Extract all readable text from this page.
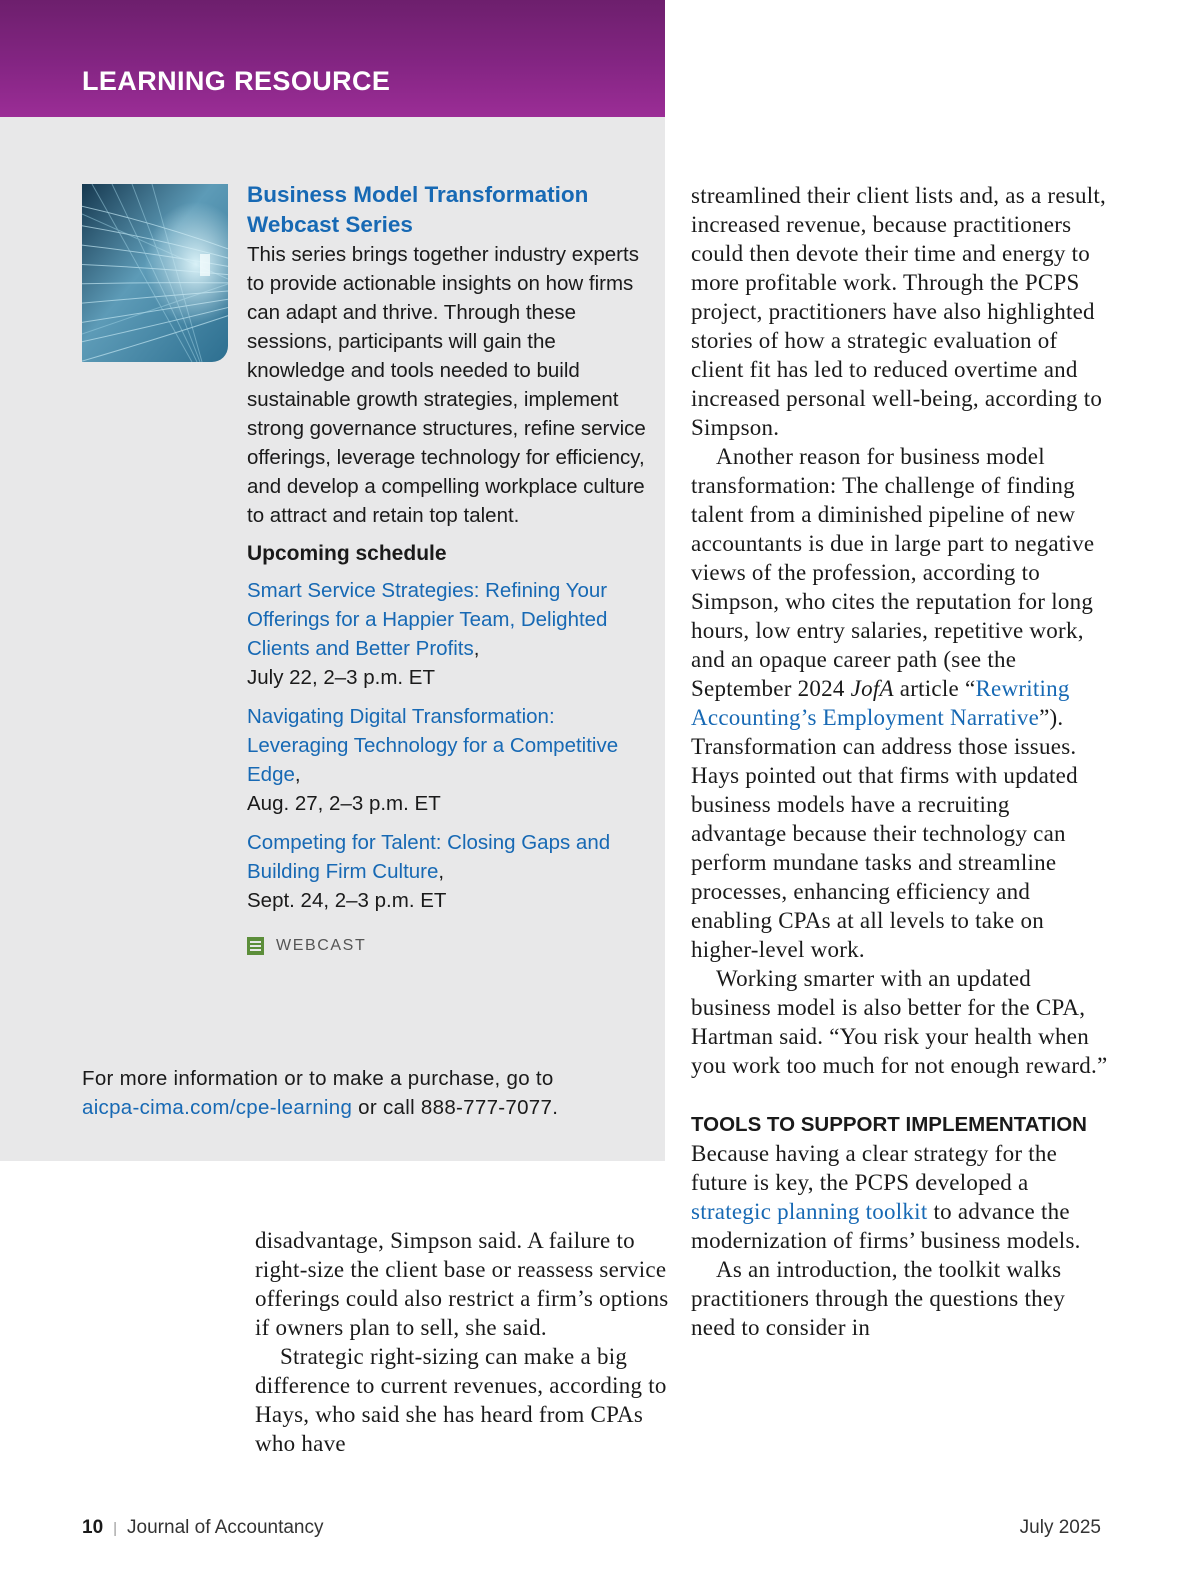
LEARNING RESOURCE
Business Model Transformation Webcast Series

This series brings together industry experts to provide actionable insights on how firms can adapt and thrive. Through these sessions, participants will gain the knowledge and tools needed to build sustainable growth strategies, implement strong governance structures, refine service offerings, leverage technology for efficiency, and develop a compelling workplace culture to attract and retain top talent.

Upcoming schedule

Smart Service Strategies: Refining Your Offerings for a Happier Team, Delighted Clients and Better Profits,
July 22, 2–3 p.m. ET

Navigating Digital Transformation: Leveraging Technology for a Competitive Edge,
Aug. 27, 2–3 p.m. ET

Competing for Talent: Closing Gaps and Building Firm Culture,
Sept. 24, 2–3 p.m. ET

WEBCAST

For more information or to make a purchase, go to

aicpa-cima.com/cpe-learning or call 888-777-7077.

disadvantage, Simpson said. A failure to right-size the client base or reassess service offerings could also restrict a firm’s options if owners plan to sell, she said.

Strategic right-sizing can make a big difference to current revenues, according to Hays, who said she has heard from CPAs who have

streamlined their client lists and, as a result, increased revenue, because practitioners could then devote their time and energy to more profitable work. Through the PCPS project, practitioners have also highlighted stories of how a strategic evaluation of client fit has led to reduced overtime and increased personal well-being, according to Simpson.

Another reason for business model transformation: The challenge of finding talent from a diminished pipeline of new accountants is due in large part to negative views of the profession, according to Simpson, who cites the reputation for long hours, low entry salaries, repetitive work, and an opaque career path (see the September 2024 JofA article “Rewriting Accounting’s Employment Narrative”). Transformation can address those issues. Hays pointed out that firms with updated business models have a recruiting advantage because their technology can perform mundane tasks and streamline processes, enhancing efficiency and enabling CPAs at all levels to take on higher-level work.

Working smarter with an updated business model is also better for the CPA, Hartman said. “You risk your health when you work too much for not enough reward.”

TOOLS TO SUPPORT IMPLEMENTATION

Because having a clear strategy for the future is key, the PCPS developed a strategic planning toolkit to advance the modernization of firms’ business models.

As an introduction, the toolkit walks practitioners through the questions they need to consider in

10 | Journal of Accountancy	July 2025
